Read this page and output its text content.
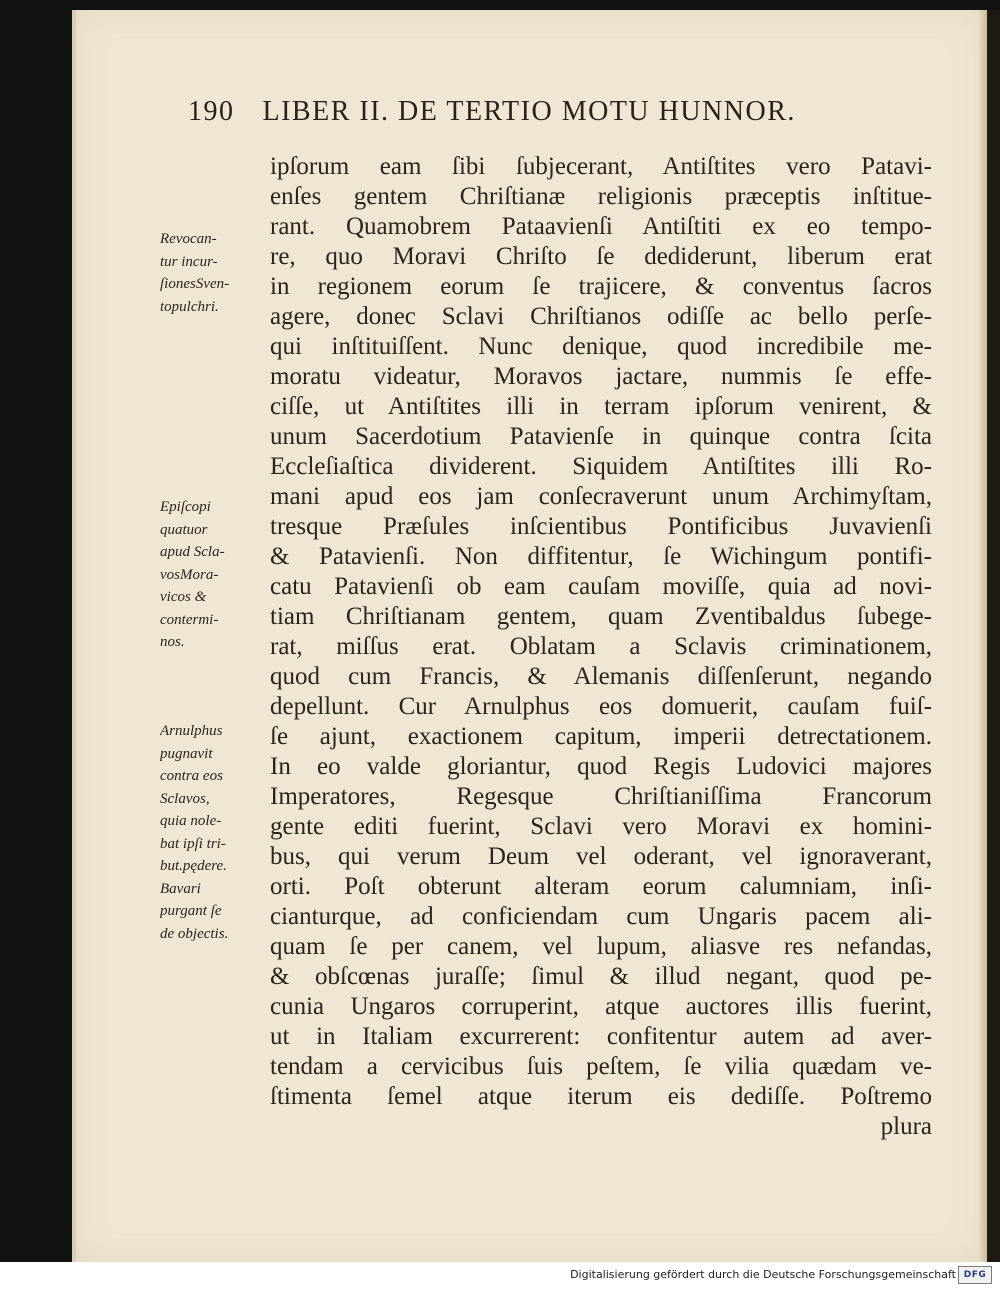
190 LIBER II. DE TERTIO MOTU HUNNOR.
ipſorum eam ſibi ſubjecerant, Antiſtites vero Patavi-
enſes gentem Chriſtianæ religionis præceptis inſtitue-
rant. Quamobrem Pataavienſi Antiſtiti ex eo tempo-
re, quo Moravi Chriſto ſe dediderunt, liberum erat
in regionem eorum ſe trajicere, & conventus ſacros
agere, donec Sclavi Chriſtianos odiſſe ac bello perſe-
qui inſtituiſſent. Nunc denique, quod incredibile me-
moratu videatur, Moravos jactare, nummis ſe effe-
ciſſe, ut Antiſtites illi in terram ipſorum venirent, &
unum Sacerdotium Patavienſe in quinque contra ſcita
Eccleſiaſtica dividerent. Siquidem Antiſtites illi Ro-
mani apud eos jam conſecraverunt unum Archimyſtam,
tresque Præſules inſcientibus Pontificibus Juvavienſi
& Patavienſi. Non diffitentur, ſe Wichingum pontifi-
catu Patavienſi ob eam cauſam moviſſe, quia ad novi-
tiam Chriſtianam gentem, quam Zventibaldus ſubege-
rat, miſſus erat. Oblatam a Sclavis criminationem,
quod cum Francis, & Alemanis diſſenſerunt, negando
depellunt. Cur Arnulphus eos domuerit, cauſam fuiſ-
ſe ajunt, exactionem capitum, imperii detrectationem.
In eo valde gloriantur, quod Regis Ludovici majores
Imperatores, Regesque Chriſtianiſſima Francorum
gente editi fuerint, Sclavi vero Moravi ex homini-
bus, qui verum Deum vel oderant, vel ignoraverant,
orti. Poſt obterunt alteram eorum calumniam, inſi-
cianturque, ad conficiendam cum Ungaris pacem ali-
quam ſe per canem, vel lupum, aliasve res nefandas,
& obſcœnas juraſſe; ſimul & illud negant, quod pe-
cunia Ungaros corruperint, atque auctores illis fuerint,
ut in Italiam excurrerent: confitentur autem ad aver-
tendam a cervicibus ſuis peſtem, ſe vilia quædam ve-
ſtimenta ſemel atque iterum eis dediſſe. Poſtremo
plura
Revocan-
tur incur-
ſionesSven-
topulchri.
Epiſcopi
quatuor
apud Scla-
vosMora-
vicos &
contermi-
nos.
Arnulphus
pugnavit
contra eos
Sclavos,
quia nole-
bat ipſi tri-
but.pędere.
Bavari
purgant ſe
de objectis.
Digitalisierung gefördert durch die Deutsche Forschungsgemeinschaft DFG
